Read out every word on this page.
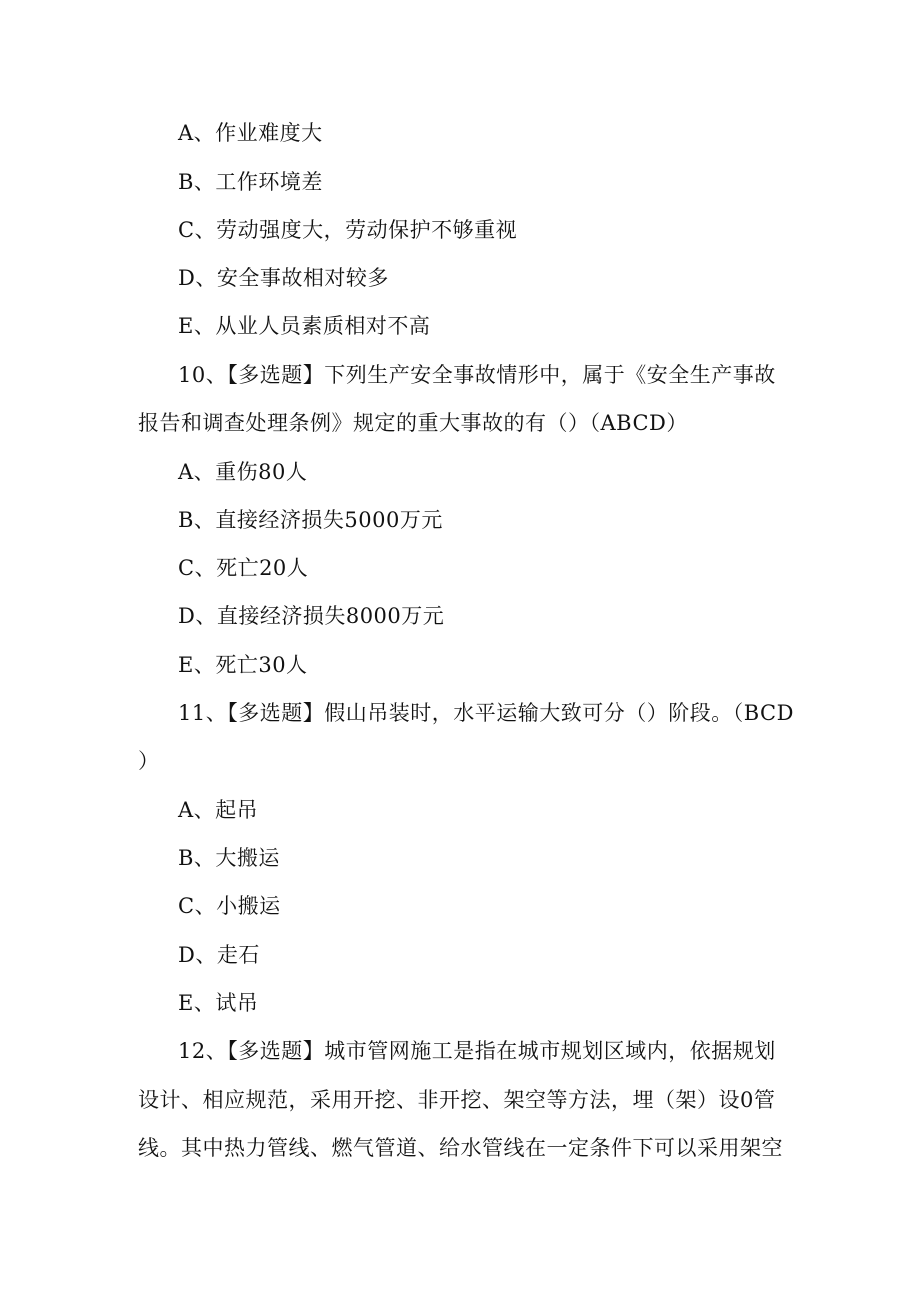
A、作业难度大
B、工作环境差
C、劳动强度大，劳动保护不够重视
D、安全事故相对较多
E、从业人员素质相对不高
10、【多选题】下列生产安全事故情形中，属于《安全生产事故
报告和调查处理条例》规定的重大事故的有（）（ABCD）
A、重伤80人
B、直接经济损失5000万元
C、死亡20人
D、直接经济损失8000万元
E、死亡30人
11、【多选题】假山吊装时，水平运输大致可分（）阶段。（BCD
）
A、起吊
B、大搬运
C、小搬运
D、走石
E、试吊
12、【多选题】城市管网施工是指在城市规划区域内，依据规划
设计、相应规范，采用开挖、非开挖、架空等方法，埋（架）设0管
线。其中热力管线、燃气管道、给水管线在一定条件下可以采用架空
